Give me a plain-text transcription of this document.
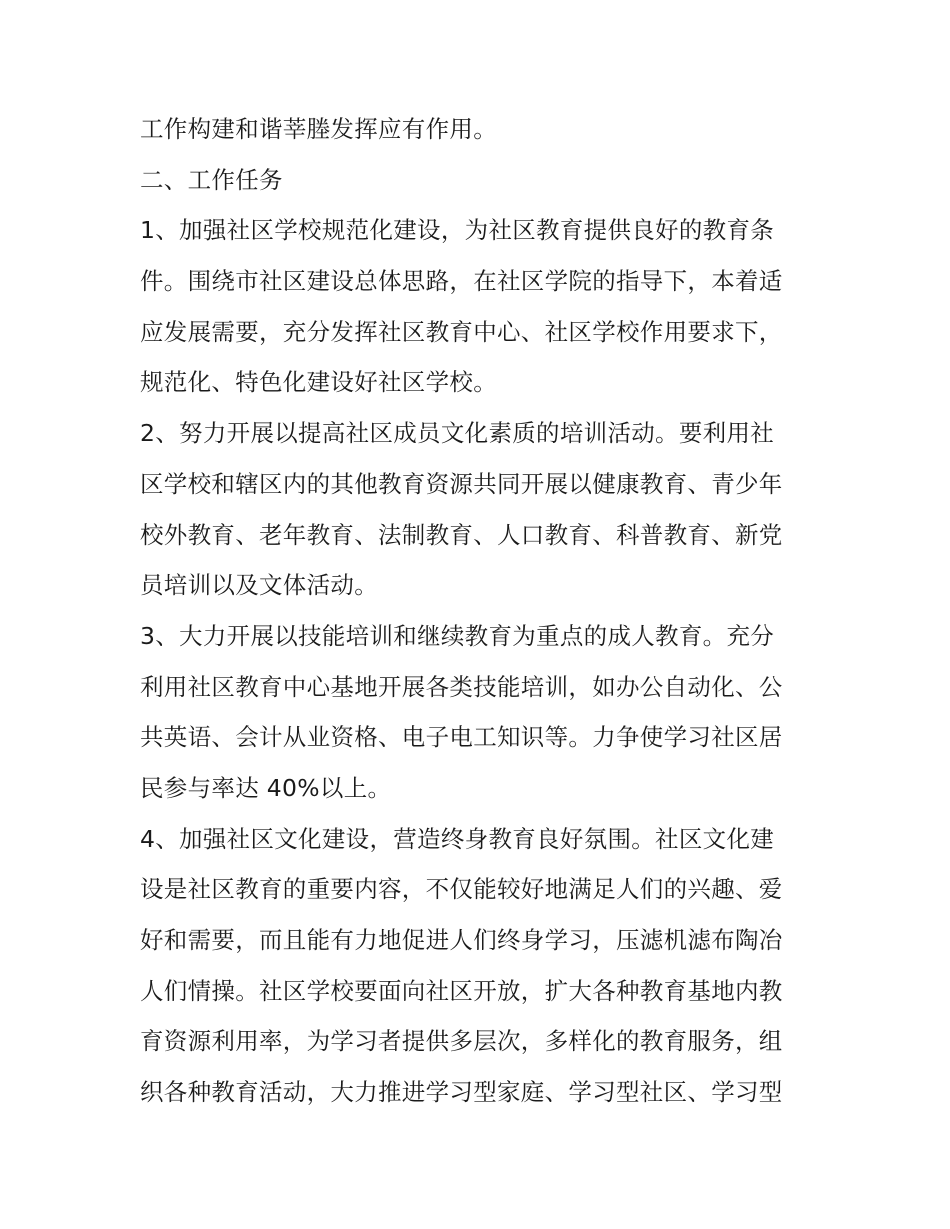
工作构建和谐莘塍发挥应有作用。
二、工作任务
1、加强社区学校规范化建设，为社区教育提供良好的教育条
件。围绕市社区建设总体思路，在社区学院的指导下，本着适
应发展需要，充分发挥社区教育中心、社区学校作用要求下，
规范化、特色化建设好社区学校。
2、努力开展以提高社区成员文化素质的培训活动。要利用社
区学校和辖区内的其他教育资源共同开展以健康教育、青少年
校外教育、老年教育、法制教育、人口教育、科普教育、新党
员培训以及文体活动。
3、大力开展以技能培训和继续教育为重点的成人教育。充分
利用社区教育中心基地开展各类技能培训，如办公自动化、公
共英语、会计从业资格、电子电工知识等。力争使学习社区居
民参与率达 40%以上。
4、加强社区文化建设，营造终身教育良好氛围。社区文化建
设是社区教育的重要内容，不仅能较好地满足人们的兴趣、爱
好和需要，而且能有力地促进人们终身学习，压滤机滤布陶冶
人们情操。社区学校要面向社区开放，扩大各种教育基地内教
育资源利用率，为学习者提供多层次，多样化的教育服务，组
织各种教育活动，大力推进学习型家庭、学习型社区、学习型
